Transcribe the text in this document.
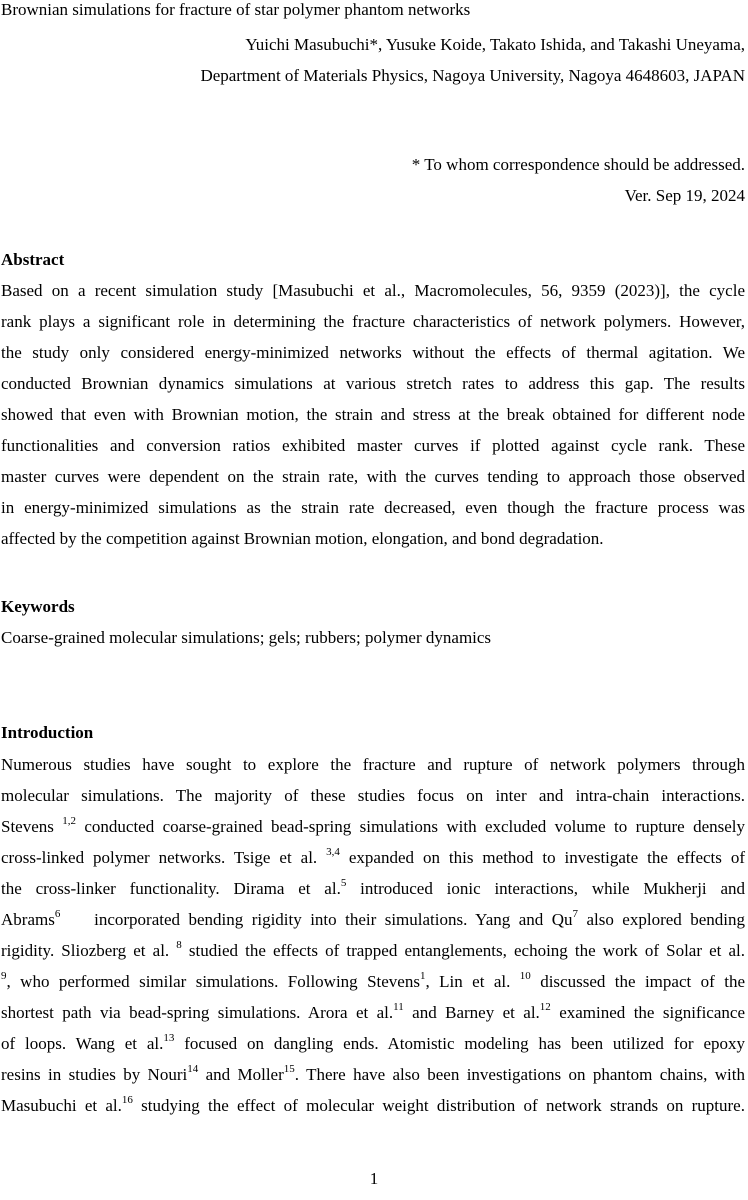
Brownian simulations for fracture of star polymer phantom networks
Yuichi Masubuchi*, Yusuke Koide, Takato Ishida, and Takashi Uneyama,
Department of Materials Physics, Nagoya University, Nagoya 4648603, JAPAN
* To whom correspondence should be addressed.
Ver. Sep 19, 2024
Abstract
Based on a recent simulation study [Masubuchi et al., Macromolecules, 56, 9359 (2023)], the cycle
rank plays a significant role in determining the fracture characteristics of network polymers. However,
the study only considered energy-minimized networks without the effects of thermal agitation. We
conducted Brownian dynamics simulations at various stretch rates to address this gap. The results
showed that even with Brownian motion, the strain and stress at the break obtained for different node
functionalities and conversion ratios exhibited master curves if plotted against cycle rank. These
master curves were dependent on the strain rate, with the curves tending to approach those observed
in energy-minimized simulations as the strain rate decreased, even though the fracture process was
affected by the competition against Brownian motion, elongation, and bond degradation.
Keywords
Coarse-grained molecular simulations; gels; rubbers; polymer dynamics
Introduction
Numerous studies have sought to explore the fracture and rupture of network polymers through
molecular simulations. The majority of these studies focus on inter and intra-chain interactions.
Stevens $^{1,2}$ conducted coarse-grained bead-spring simulations with excluded volume to rupture densely
cross-linked polymer networks. Tsige et al. $^{3,4}$ expanded on this method to investigate the effects of
the cross-linker functionality. Dirama et al.$^5$ introduced ionic interactions, while Mukherji and
Abrams$^6$    incorporated bending rigidity into their simulations. Yang and Qu$^7$ also explored bending
rigidity. Sliozberg et al. $^8$ studied the effects of trapped entanglements, echoing the work of Solar et al.
$^9$, who performed similar simulations. Following Stevens$^1$, Lin et al. $^{10}$ discussed the impact of the
shortest path via bead-spring simulations. Arora et al.$^{11}$ and Barney et al.$^{12}$ examined the significance
of loops. Wang et al.$^{13}$ focused on dangling ends. Atomistic modeling has been utilized for epoxy
resins in studies by Nouri$^{14}$ and Moller$^{15}$. There have also been investigations on phantom chains, with
Masubuchi et al.$^{16}$ studying the effect of molecular weight distribution of network strands on rupture.
1
